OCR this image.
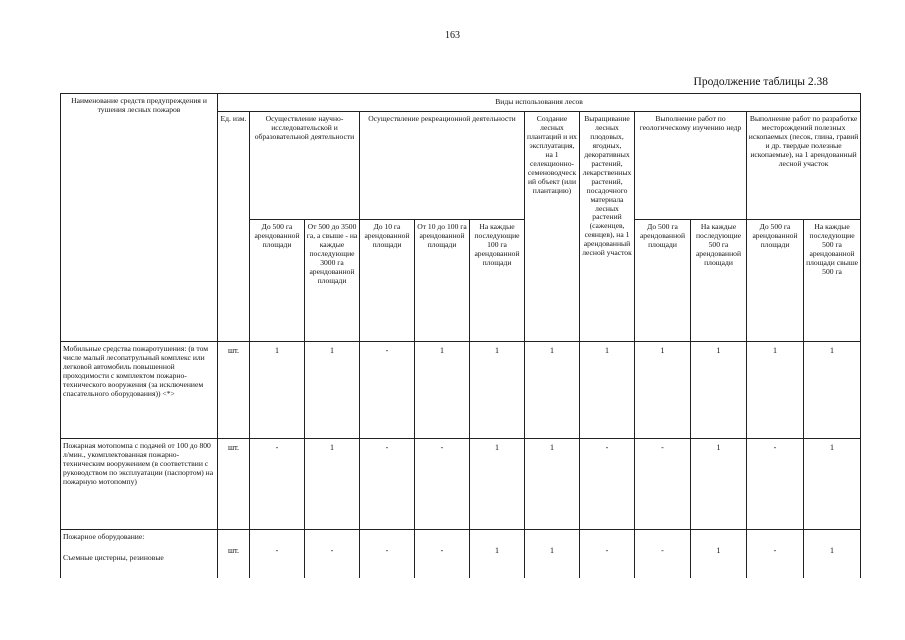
163
Продолжение таблицы 2.38
Наименование средств предупреждения и тушения лесных пожаров	Виды использования лесов											
	Ед. изм.	Осуществление научно-исследовательской и образовательной деятельности		Осуществление рекреационной деятельности			Создание лесных плантаций и их эксплуатация, на 1 селекционно-семеноводческий объект (или плантацию)	Выращивание лесных плодовых, ягодных, декоративных растений, лекарственных растений, посадочного материала лесных растений (саженцев, сеянцев), на 1 арендованный лесной участок	Выполнение работ по геологическому изучению недр		Выполнение работ по разработке месторождений полезных ископаемых (песок, глина, гравий и др. твердые полезные ископаемые), на 1 арендованный лесной участок	
		До 500 га арендованной площади	От 500 до 3500 га, а свыше - на каждые последующие 3000 га арендованной площади	До 10 га арендованной площади	От 10 до 100 га арендованной площади	На каждые последующие 100 га арендованной площади			До 500 га арендованной площади	На каждые последующие 500 га арендованной площади	До 500 га арендованной площади	На каждые последующие 500 га арендованной площади свыше 500 га
Мобильные средства пожаротушения: (в том числе малый лесопатрульный комплекс или легковой автомобиль повышенной проходимости с комплектом пожарно-технического вооружения (за исключением спасательного оборудования)) <*>	шт.	1	1	-	1	1	1	1	1	1	1	1
Пожарная мотопомпа с подачей от 100 до 800 л/мин., укомплектованная пожарно-техническим вооружением (в соответствии с руководством по эксплуатации (паспортом) на пожарную мотопомпу)	шт.	-	1	-	-	1	1	-	-	1	-	1

Пожарное оборудование:
Съемные цистерны, резиновые	шт.	-	-	-	-	1	1	-	-	1	-	1
